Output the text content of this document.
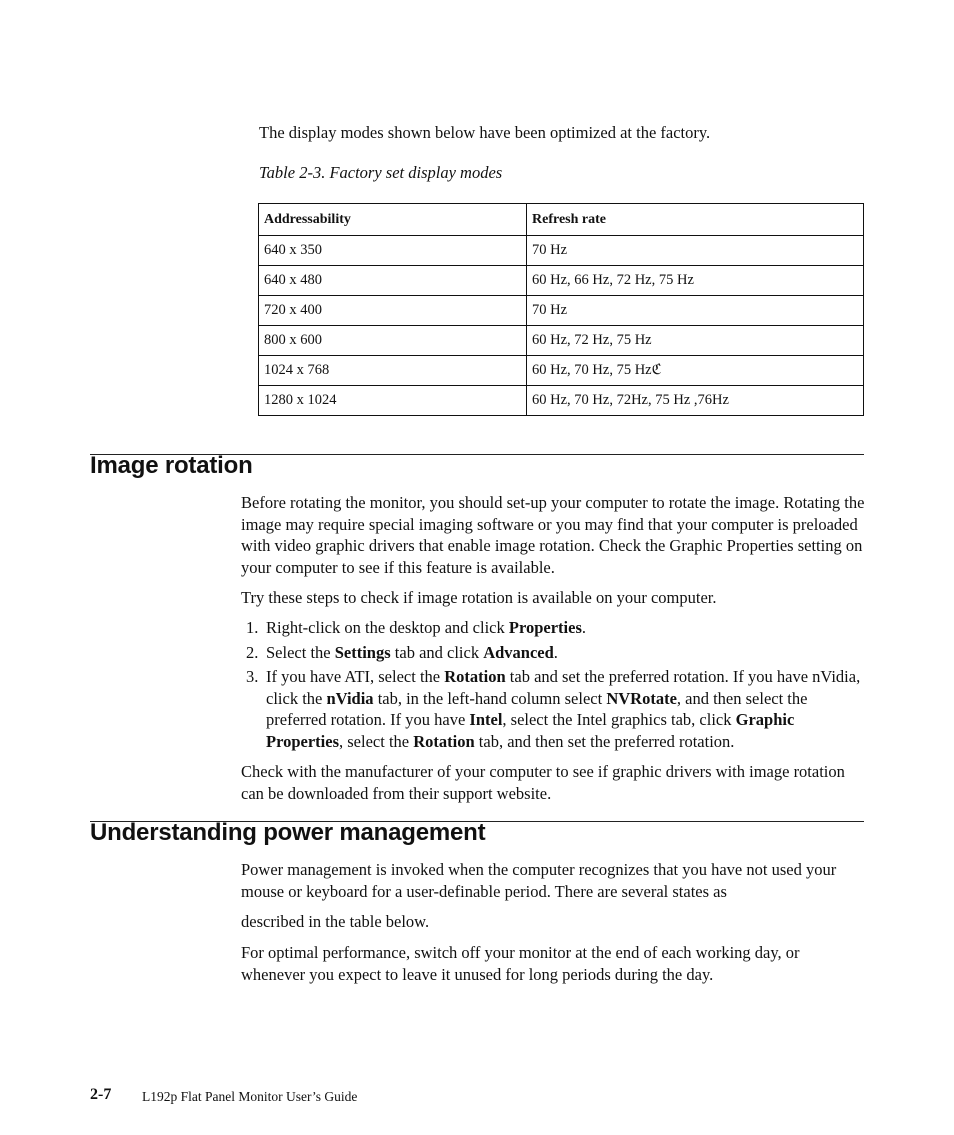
The display modes shown below have been optimized at the factory.
Table 2-3. Factory set display modes
Addressability	Refresh rate
640 x 350	70 Hz
640 x 480	60 Hz, 66 Hz, 72 Hz, 75 Hz
720 x 400	70 Hz
800 x 600	60 Hz, 72 Hz, 75 Hz
1024 x 768	60 Hz, 70 Hz, 75 Hzℭ
1280 x 1024	60 Hz, 70 Hz, 72Hz, 75 Hz ,76Hz
Image rotation
Before rotating the monitor, you should set-up your computer to rotate the image. Rotating the image may require special imaging software or you may find that your computer is preloaded with video graphic drivers that enable image rotation. Check the Graphic Properties setting on your computer to see if this feature is available.
Try these steps to check if image rotation is available on your computer.
1. Right-click on the desktop and click Properties.
2. Select the Settings tab and click Advanced.
3. If you have ATI, select the Rotation tab and set the preferred rotation. If you have nVidia, click the nVidia tab, in the left-hand column select NVRotate, and then select the preferred rotation. If you have Intel, select the Intel graphics tab, click Graphic Properties, select the Rotation tab, and then set the preferred rotation.
Check with the manufacturer of your computer to see if graphic drivers with image rotation can be downloaded from their support website.
Understanding power management
Power management is invoked when the computer recognizes that you have not used your mouse or keyboard for a user-definable period. There are several states as
described in the table below.
For optimal performance, switch off your monitor at the end of each working day, or whenever you expect to leave it unused for long periods during the day.
2-7 L192p Flat Panel Monitor User’s Guide
